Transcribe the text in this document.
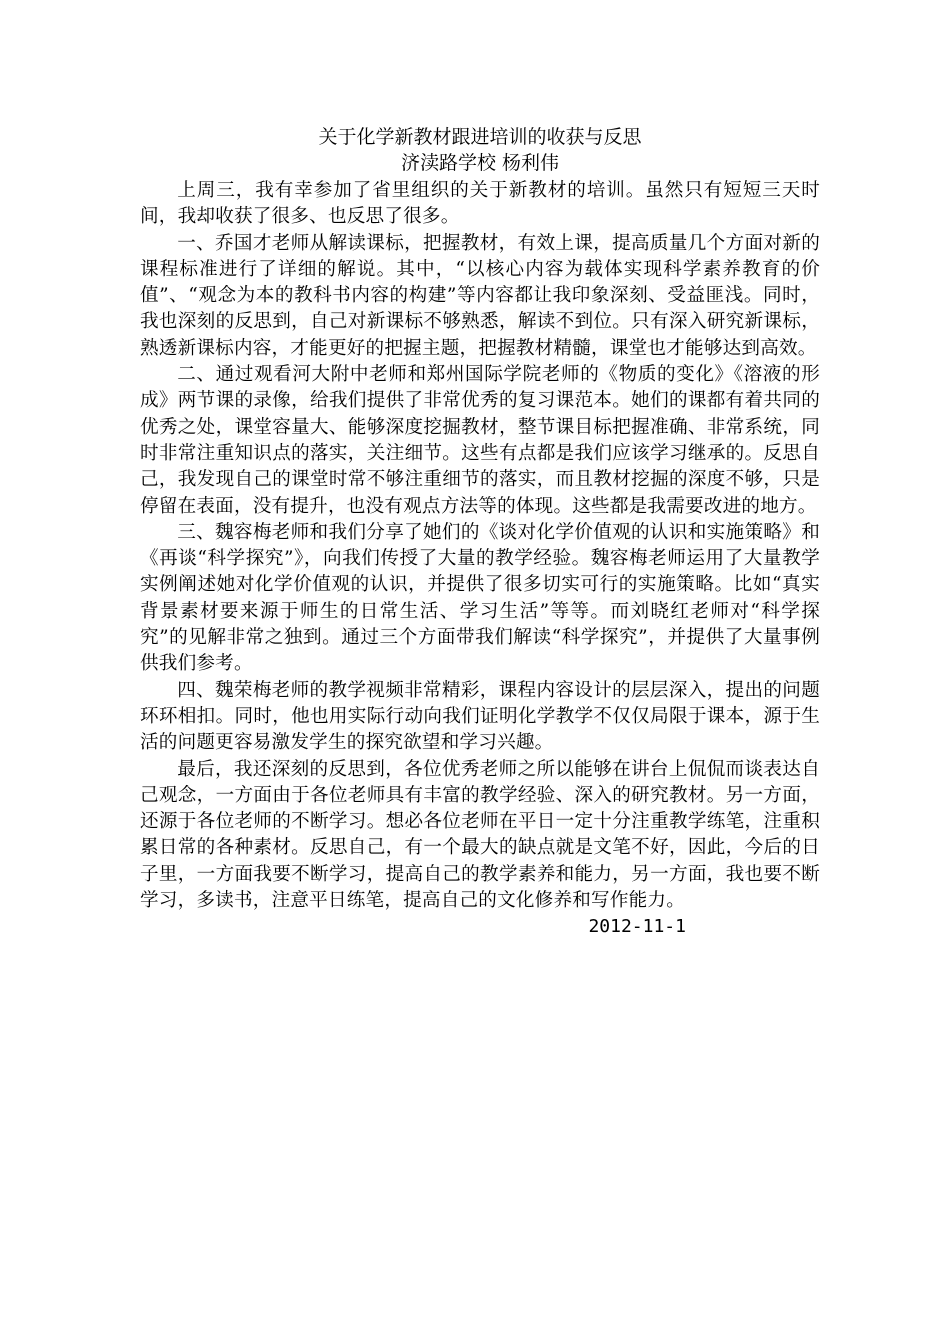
关于化学新教材跟进培训的收获与反思

济渎路学校 杨利伟

上周三，我有幸参加了省里组织的关于新教材的培训。虽然只有短短三天时间，我却收获了很多、也反思了很多。

一、乔国才老师从解读课标，把握教材，有效上课，提高质量几个方面对新的课程标准进行了详细的解说。其中，“以核心内容为载体实现科学素养教育的价值”、“观念为本的教科书内容的构建”等内容都让我印象深刻、受益匪浅。同时，我也深刻的反思到，自己对新课标不够熟悉，解读不到位。只有深入研究新课标，熟透新课标内容，才能更好的把握主题，把握教材精髓，课堂也才能够达到高效。

二、通过观看河大附中老师和郑州国际学院老师的《物质的变化》《溶液的形成》两节课的录像，给我们提供了非常优秀的复习课范本。她们的课都有着共同的优秀之处，课堂容量大、能够深度挖掘教材，整节课目标把握准确、非常系统，同时非常注重知识点的落实，关注细节。这些有点都是我们应该学习继承的。反思自己，我发现自己的课堂时常不够注重细节的落实，而且教材挖掘的深度不够，只是停留在表面，没有提升，也没有观点方法等的体现。这些都是我需要改进的地方。

三、魏容梅老师和我们分享了她们的《谈对化学价值观的认识和实施策略》和《再谈“科学探究”》，向我们传授了大量的教学经验。魏容梅老师运用了大量教学实例阐述她对化学价值观的认识，并提供了很多切实可行的实施策略。比如“真实背景素材要来源于师生的日常生活、学习生活”等等。而刘晓红老师对“科学探究”的见解非常之独到。通过三个方面带我们解读“科学探究”，并提供了大量事例供我们参考。

四、魏荣梅老师的教学视频非常精彩，课程内容设计的层层深入，提出的问题环环相扣。同时，他也用实际行动向我们证明化学教学不仅仅局限于课本，源于生活的问题更容易激发学生的探究欲望和学习兴趣。

最后，我还深刻的反思到，各位优秀老师之所以能够在讲台上侃侃而谈表达自己观念，一方面由于各位老师具有丰富的教学经验、深入的研究教材。另一方面，还源于各位老师的不断学习。想必各位老师在平日一定十分注重教学练笔，注重积累日常的各种素材。反思自己，有一个最大的缺点就是文笔不好，因此，今后的日子里，一方面我要不断学习，提高自己的教学素养和能力，另一方面，我也要不断学习，多读书，注意平日练笔，提高自己的文化修养和写作能力。

2012-11-1
